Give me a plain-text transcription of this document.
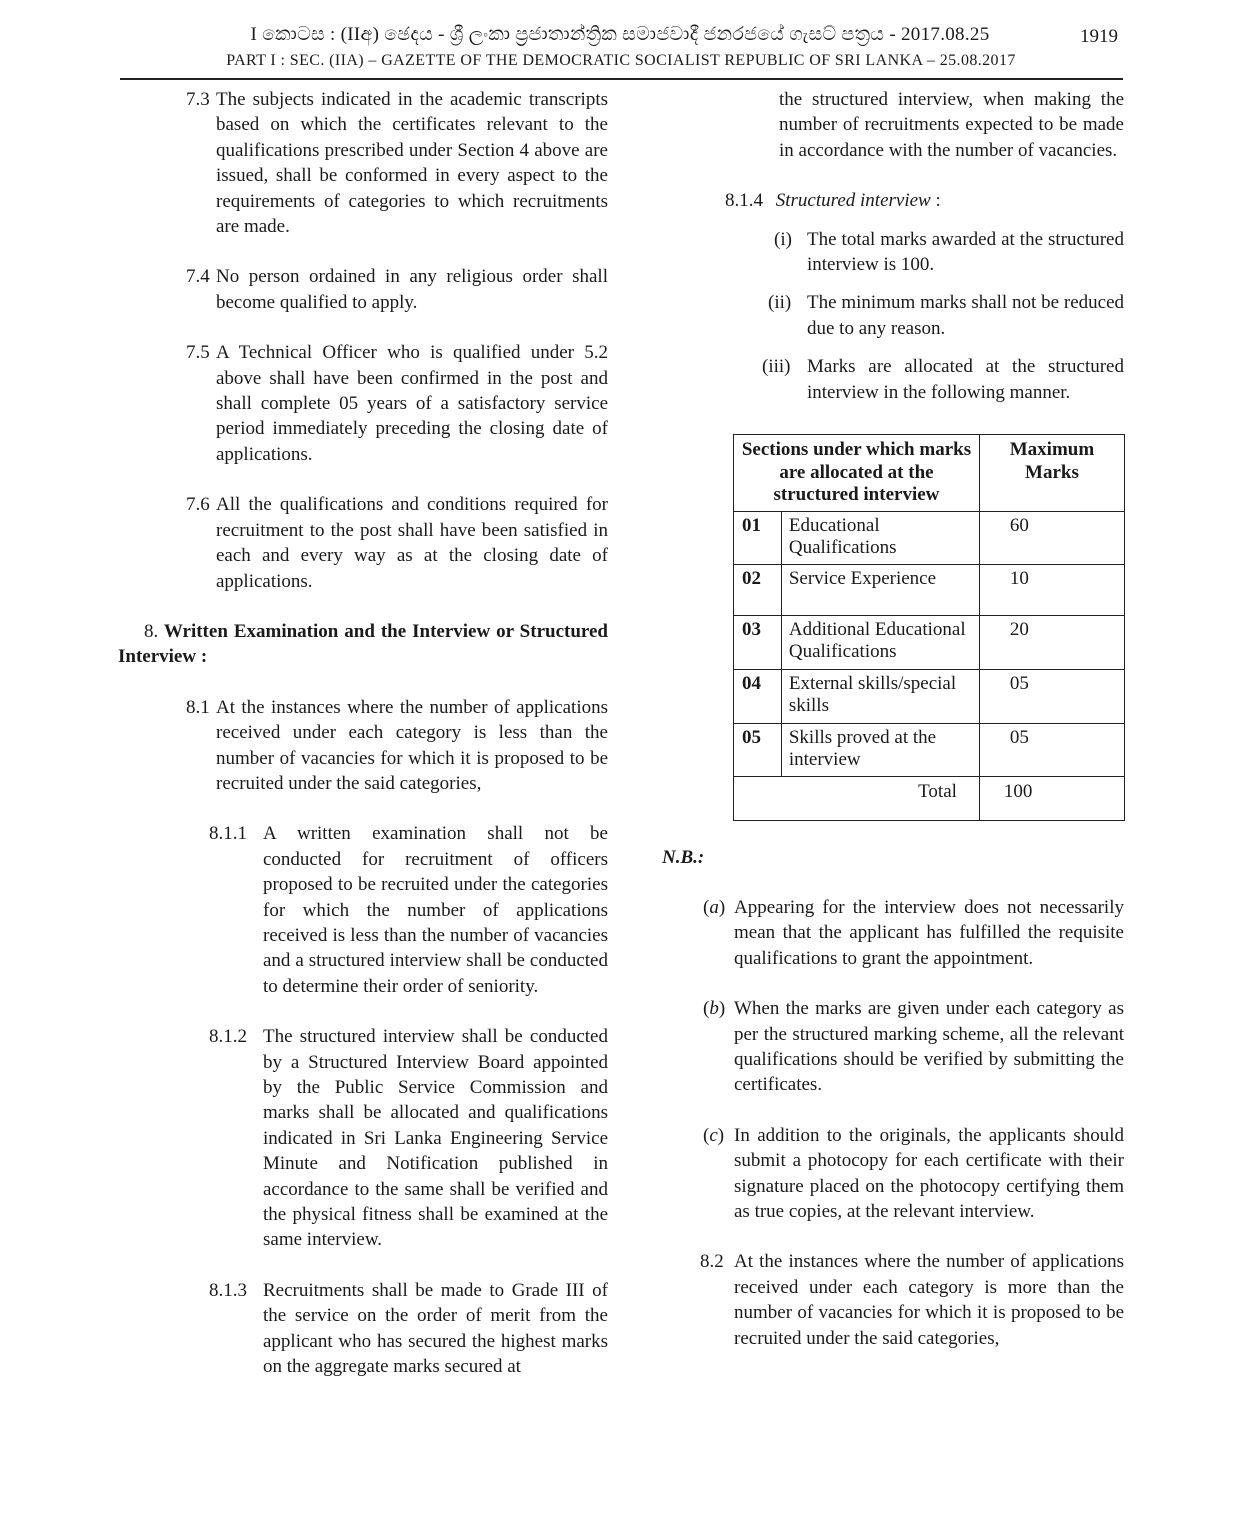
I කොටස : (IIඅ) ඡෙදය - ශ්‍රී ලංකා ප්‍රජාතාන්ත්‍රික සමාජවාදී ජනරජයේ ගැසට් පත්‍රය - 2017.08.25	1919
PART I : SEC. (IIA) – GAZETTE OF THE DEMOCRATIC SOCIALIST REPUBLIC OF SRI LANKA – 25.08.2017
7.3 The subjects indicated in the academic transcripts based on which the certificates relevant to the qualifications prescribed under Section 4 above are issued, shall be conformed in every aspect to the requirements of categories to which recruitments are made.

7.4 No person ordained in any religious order shall become qualified to apply.

7.5 A Technical Officer who is qualified under 5.2 above shall have been confirmed in the post and shall complete 05 years of a satisfactory service period immediately preceding the closing date of applications.

7.6 All the qualifications and conditions required for recruitment to the post shall have been satisfied in each and every way as at the closing date of applications.

8. Written Examination and the Interview or Structured Interview :
8.1 At the instances where the number of applications received under each category is less than the number of vacancies for which it is proposed to be recruited under the said categories,

8.1.1 A written examination shall not be conducted for recruitment of officers proposed to be recruited under the categories for which the number of applications received is less than the number of vacancies and a structured interview shall be conducted to determine their order of seniority.

8.1.2 The structured interview shall be conducted by a Structured Interview Board appointed by the Public Service Commission and marks shall be allocated and qualifications indicated in Sri Lanka Engineering Service Minute and Notification published in accordance to the same shall be verified and the physical fitness shall be examined at the same interview.

8.1.3 Recruitments shall be made to Grade III of the service on the order of merit from the applicant who has secured the highest marks on the aggregate marks secured at

the structured interview, when making the number of recruitments expected to be made in accordance with the number of vacancies.

8.1.4 Structured interview :
(i) The total marks awarded at the structured interview is 100.

(ii) The minimum marks shall not be reduced due to any reason.

(iii) Marks are allocated at the structured interview in the following manner.

Sections under which marks are allocated at the structured interview		Maximum Marks
01	Educational Qualifications	60
02	Service Experience	10
03	Additional Educational Qualifications	20
04	External skills/special skills	05
05	Skills proved at the interview	05
Total		100
N.B.:
(a) Appearing for the interview does not necessarily mean that the applicant has fulfilled the requisite qualifications to grant the appointment.

(b) When the marks are given under each category as per the structured marking scheme, all the relevant qualifications should be verified by submitting the certificates.

(c) In addition to the originals, the applicants should submit a photocopy for each certificate with their signature placed on the photocopy certifying them as true copies, at the relevant interview.

8.2 At the instances where the number of applications received under each category is more than the number of vacancies for which it is proposed to be recruited under the said categories,
